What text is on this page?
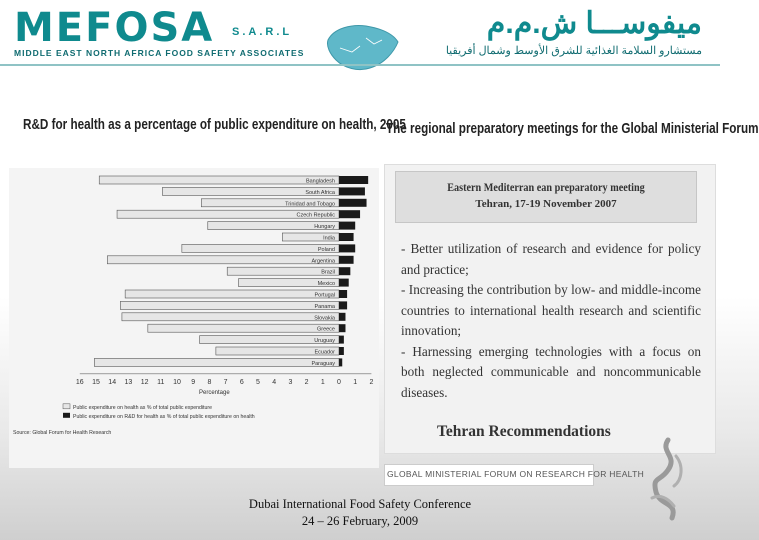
MEFOSA S.A.R.L
MIDDLE EAST NORTH AFRICA FOOD SAFETY ASSOCIATES
ميفوســـا ش.م.م
مستشارو السلامة الغذائية للشرق الأوسط وشمال أفريقيا
R&D for health as a percentage of public expenditure on health, 2005
Bangladesh
South Africa
Trinidad and Tobago
Czech Republic
Hungary
India
Poland
Argentina
Brazil
Mexico
Portugal
Panama
Slovakia
Greece
Uruguay
Ecuador
Paraguay
16 15 14 13 12 11 10 9 8 7 6 5 4 3 2 1 0 1 2
Percentage
Public expenditure on health as % of total public expenditure
Public expenditure on R&D for health as % of total public expenditure on health
Source: Global Forum for Health Research
The regional preparatory meetings for the Global Ministerial Forum
Eastern Mediterran ean preparatory meeting
Tehran, 17-19 November 2007

- Better utilization of research and evidence for policy and practice;

- Increasing the contribution by low- and middle-income countries to international health research and scientific innovation;

- Harnessing emerging technologies with a focus on both neglected communicable and noncommunicable diseases.

Tehran Recommendations
GLOBAL MINISTERIAL FORUM ON RESEARCH FOR HEALTH
Dubai International Food Safety Conference
24 – 26 February, 2009
